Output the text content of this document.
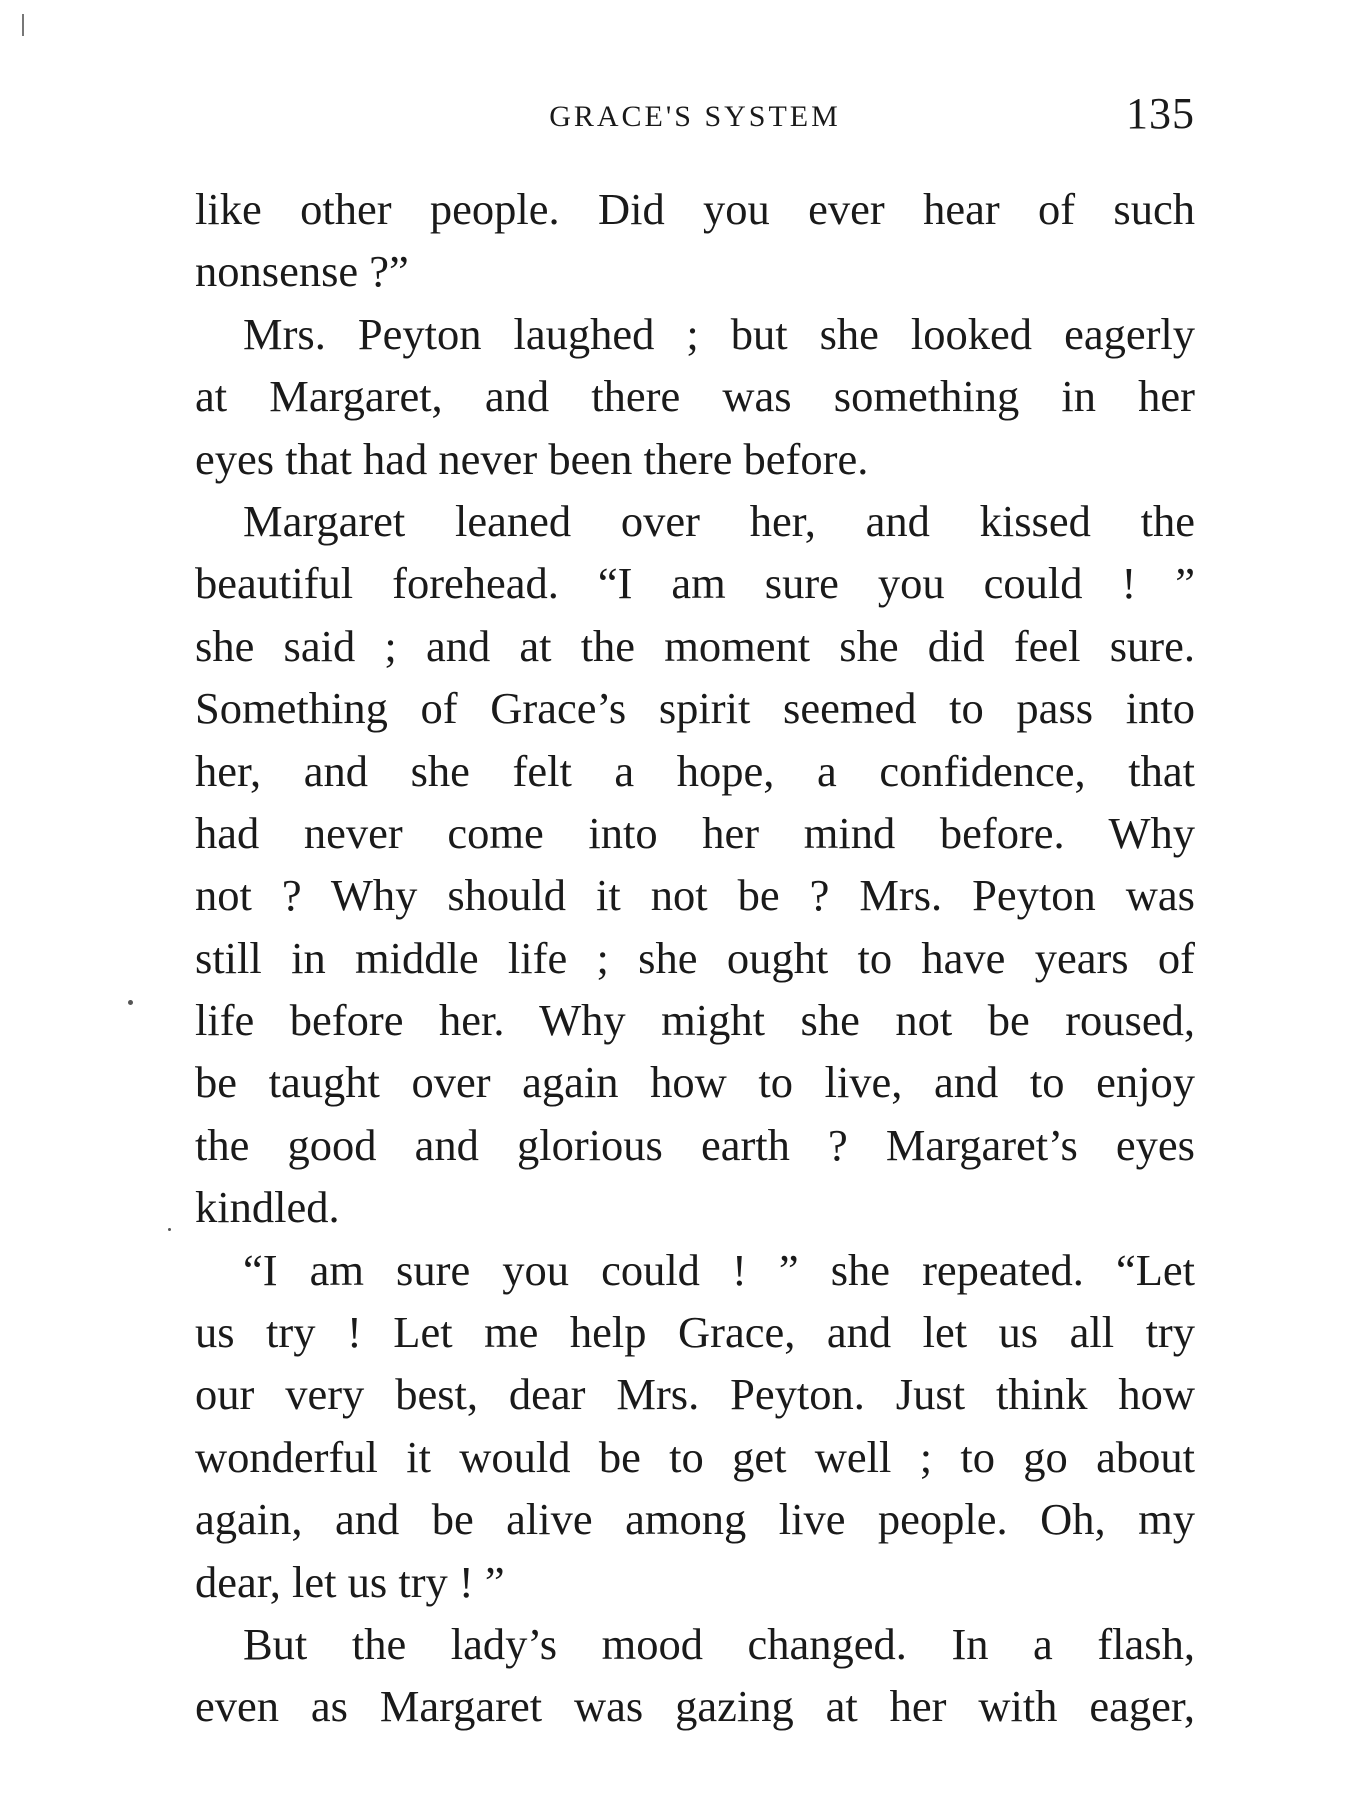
GRACE'S SYSTEM	135
like other people. Did you ever hear of such
nonsense ?”
Mrs. Peyton laughed ; but she looked eagerly
at Margaret, and there was something in her
eyes that had never been there before.
Margaret leaned over her, and kissed the
beautiful forehead. “I am sure you could ! ”
she said ; and at the moment she did feel sure.
Something of Grace’s spirit seemed to pass into
her, and she felt a hope, a confidence, that
had never come into her mind before. Why
not ? Why should it not be ? Mrs. Peyton was
still in middle life ; she ought to have years of
life before her. Why might she not be roused,
be taught over again how to live, and to enjoy
the good and glorious earth ? Margaret’s eyes
kindled.
“I am sure you could ! ” she repeated. “Let
us try ! Let me help Grace, and let us all try
our very best, dear Mrs. Peyton. Just think how
wonderful it would be to get well ; to go about
again, and be alive among live people. Oh, my
dear, let us try ! ”
But the lady’s mood changed. In a flash,
even as Margaret was gazing at her with eager,
